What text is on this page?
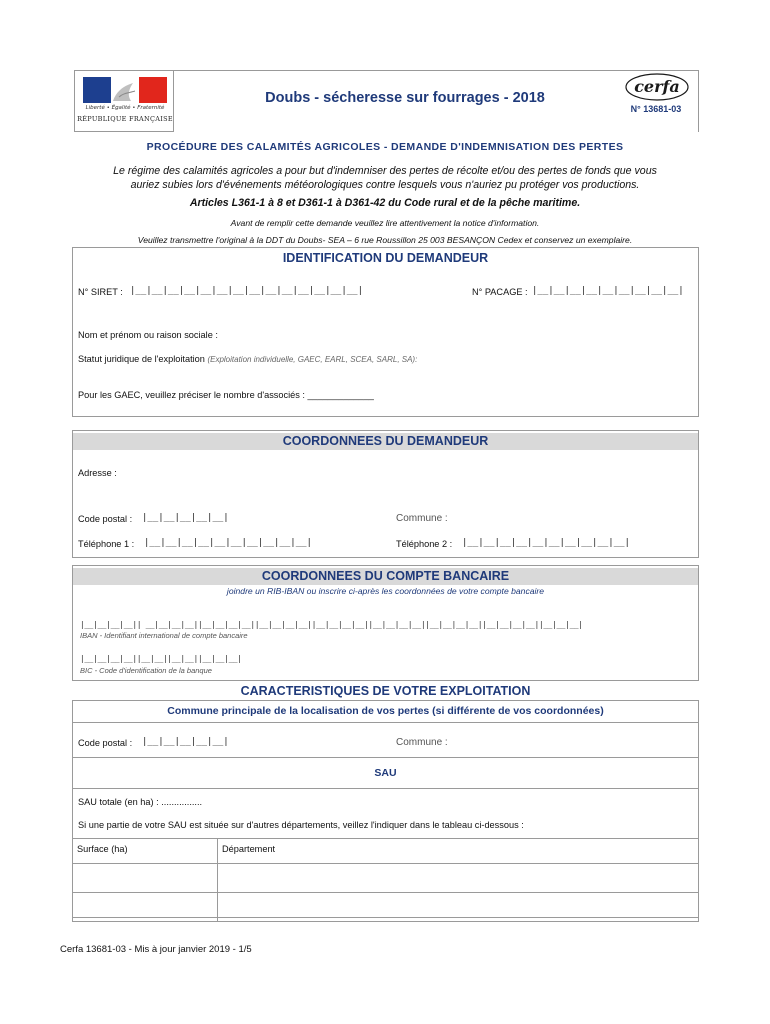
Liberté • Égalité • Fraternité
RÉPUBLIQUE FRANÇAISE
Doubs - sécheresse sur fourrages - 2018
cerfa
N° 13681-03
PROCÉDURE DES CALAMITÉS AGRICOLES - DEMANDE D'INDEMNISATION DES PERTES
Le régime des calamités agricoles a pour but d'indemniser des pertes de récolte et/ou des pertes de fonds que vous
auriez subies lors d'événements météorologiques contre lesquels vous n'auriez pu protéger vos productions.
Articles L361-1 à 8 et D361-1 à D361-42 du Code rural et de la pêche maritime.
Avant de remplir cette demande veuillez lire attentivement la notice d'information.
Veuillez transmettre l'original à la DDT du Doubs- SEA – 6 rue Roussillon 25 003 BESANÇON Cedex et conservez un exemplaire.
IDENTIFICATION DU DEMANDEUR
N° SIRET : |__|__|__|__|__|__|__|__|__|__|__|__|__|__|	N° PACAGE : |__|__|__|__|__|__|__|__|__|
Nom et prénom ou raison sociale :
Statut juridique de l'exploitation (Exploitation individuelle, GAEC, EARL, SCEA, SARL, SA):
Pour les GAEC, veuillez préciser le nombre d'associés : _____________
COORDONNEES DU DEMANDEUR
Adresse :
Code postal : |__|__|__|__|__|	Commune :
Téléphone 1 : |__|__|__|__|__|__|__|__|__|__|	Téléphone 2 : |__|__|__|__|__|__|__|__|__|__|
COORDONNEES DU COMPTE BANCAIRE
joindre un RIB-IBAN ou inscrire ci-après les coordonnées de votre compte bancaire
|__|__|__|__|| __|__|__|__||__|__|__|__||__|__|__|__||__|__|__|__||__|__|__|__||__|__|__|__||__|__|__|__||__|__|__|
IBAN - Identifiant international de compte bancaire
|__|__|__|__||__|__||__|__||__|__|__|
BIC - Code d'identification de la banque
CARACTERISTIQUES DE VOTRE EXPLOITATION
Commune principale de la localisation de vos pertes (si différente de vos coordonnées)
Code postal : |__|__|__|__|__|	Commune :
SAU
SAU totale (en ha) : ................
Si une partie de votre SAU est située sur d'autres départements, veillez l'indiquer dans le tableau ci-dessous :
Surface (ha)	Département

Cerfa 13681-03 - Mis à jour janvier 2019 - 1/5
